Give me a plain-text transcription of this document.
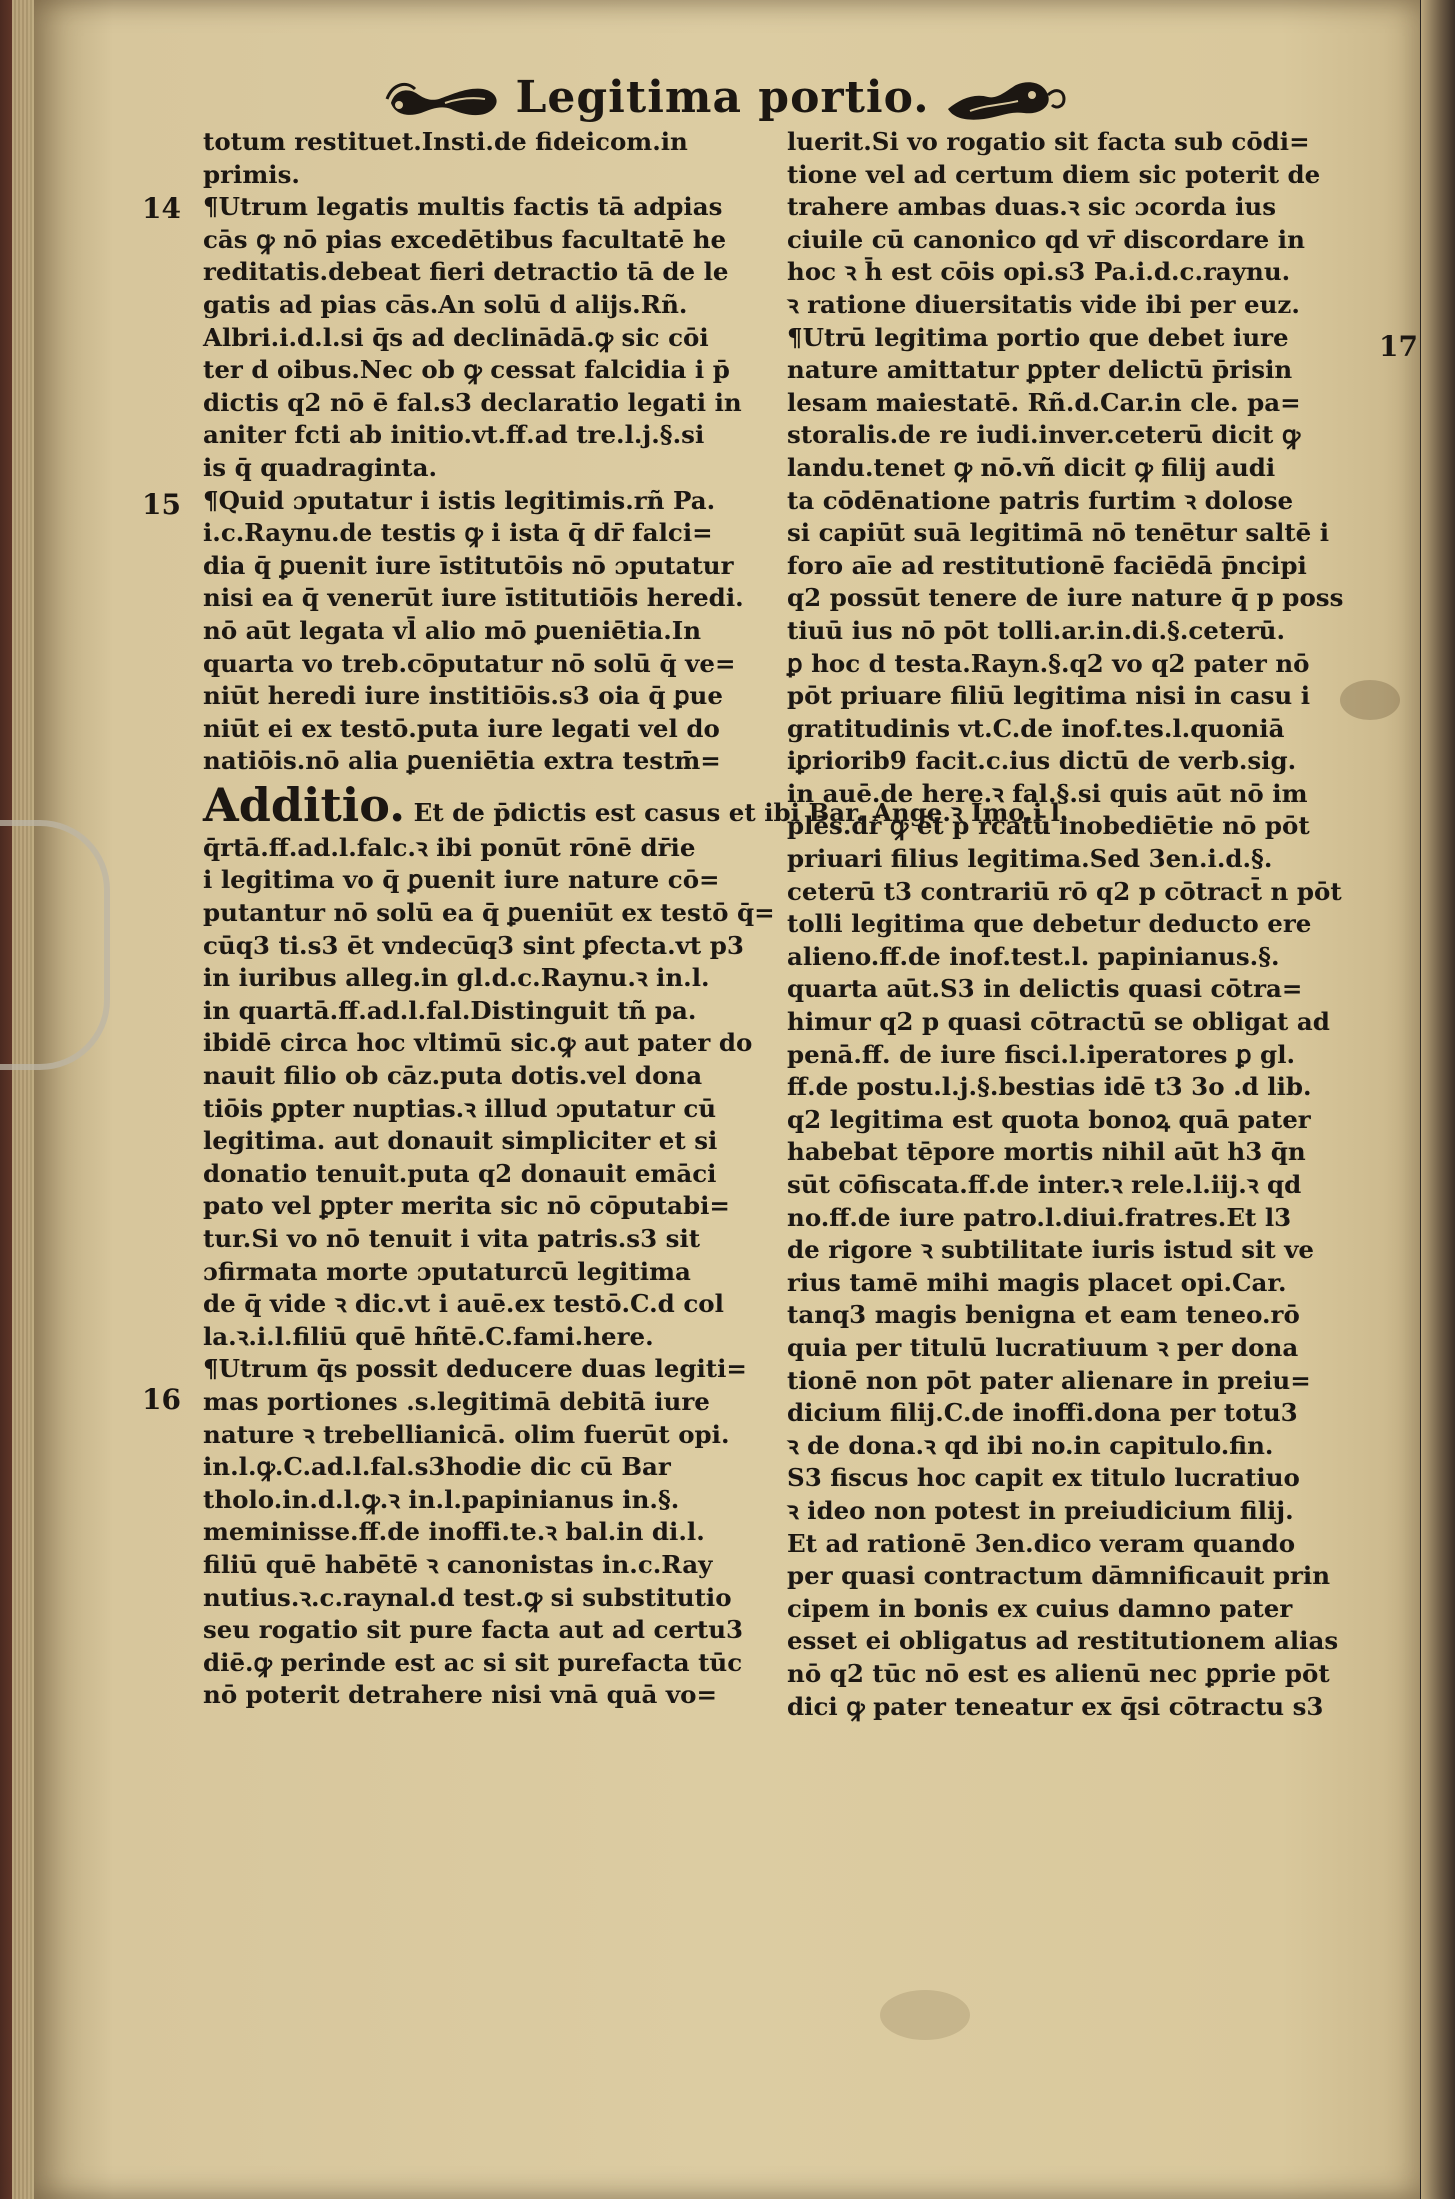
Legitima portio.
14
15
16
17
totum restituet.Insti.de fideicom.in
primis.
¶Utrum legatis multis factis tā adpias
cās ꝙ nō pias excedētibus facultatē he
reditatis.debeat fieri detractio tā de le
gatis ad pias cās.An solū d alijs.Rñ.
Albri.i.d.l.si q̄s ad declinādā.ꝙ sic cōi
ter d oibus.Nec ob ꝙ cessat falcidia i p̄
dictis q2 nō ē fal.s3 declaratio legati in
aniter fcti ab initio.vt.ff.ad tre.l.j.§.si
is q̄ quadraginta.
¶Quid ɔputatur i istis legitimis.rñ Pa.
i.c.Raynu.de testis ꝙ i ista q̄ dr̄ falci=
dia q̄ ꝑuenit iure īstitutōis nō ɔputatur
nisi ea q̄ venerūt iure īstitutiōis heredi.
nō aūt legata vl̄ alio mō ꝑueniētia.In
quarta vo treb.cōputatur nō solū q̄ ve=
niūt heredi iure institiōis.s3 oia q̄ ꝑue
niūt ei ex testō.puta iure legati vel do
natiōis.nō alia ꝑueniētia extra testm̄=
Additio. Et de p̄dictis est casus et ibi Bar. Ange.ꝛ Imo.i l.
q̄rtā.ff.ad.l.falc.ꝛ ibi ponūt rōnē dr̄ie
i legitima vo q̄ ꝑuenit iure nature cō=
putantur nō solū ea q̄ ꝑueniūt ex testō q̄=
cūq3 ti.s3 ēt vndecūq3 sint ꝑfecta.vt p3
in iuribus alleg.in gl.d.c.Raynu.ꝛ in.l.
in quartā.ff.ad.l.fal.Distinguit tñ pa.
ibidē circa hoc vltimū sic.ꝙ aut pater do
nauit filio ob cāz.puta dotis.vel dona
tiōis ꝑpter nuptias.ꝛ illud ɔputatur cū
legitima. aut donauit simpliciter et si
donatio tenuit.puta q2 donauit emāci
pato vel ꝑpter merita sic nō cōputabi=
tur.Si vo nō tenuit i vita patris.s3 sit
ɔfirmata morte ɔputaturcū legitima
de q̄ vide ꝛ dic.vt i auē.ex testō.C.d col
la.ꝛ.i.l.filiū quē hñtē.C.fami.here.
¶Utrum q̄s possit deducere duas legiti=
mas portiones .s.legitimā debitā iure
nature ꝛ trebellianicā. olim fuerūt opi.
in.l.ꝙ.C.ad.l.fal.s3hodie dic cū Bar
tholo.in.d.l.ꝙ.ꝛ in.l.papinianus in.§.
meminisse.ff.de inoffi.te.ꝛ bal.in di.l.
filiū quē habētē ꝛ canonistas in.c.Ray
nutius.ꝛ.c.raynal.d test.ꝙ si substitutio
seu rogatio sit pure facta aut ad certu3
diē.ꝙ perinde est ac si sit purefacta tūc
nō poterit detrahere nisi vnā quā vo=
luerit.Si vo rogatio sit facta sub cōdi=
tione vel ad certum diem sic poterit de
trahere ambas duas.ꝛ sic ɔcorda ius
ciuile cū canonico qd vr̄ discordare in
hoc ꝛ h̄ est cōis opi.s3 Pa.i.d.c.raynu.
ꝛ ratione diuersitatis vide ibi per euz.
¶Utrū legitima portio que debet iure
nature amittatur ꝑpter delictū p̄risin
lesam maiestatē. Rñ.d.Car.in cle. pa=
storalis.de re iudi.inver.ceterū dicit ꝙ
landu.tenet ꝙ nō.vñ dicit ꝙ filij audi
ta cōdēnatione patris furtim ꝛ dolose
si capiūt suā legitimā nō tenētur saltē i
foro aīe ad restitutionē faciēdā p̄ncipi
q2 possūt tenere de iure nature q̄ p poss
tiuū ius nō pōt tolli.ar.in.di.§.ceterū.
ꝑ hoc d testa.Rayn.§.q2 vo q2 pater nō
pōt priuare filiū legitima nisi in casu i
gratitudinis vt.C.de inof.tes.l.quoniā
iꝑriorib9 facit.c.ius dictū de verb.sig.
in auē.de here.ꝛ fal.§.si quis aūt nō im
plēs.dr̄ ꝙ ēt p rcatū inobediētie nō pōt
priuari filius legitima.Sed 3en.i.d.§.
ceterū t3 contrariū rō q2 p cōtract̄ n pōt
tolli legitima que debetur deducto ere
alieno.ff.de inof.test.l. papinianus.§.
quarta aūt.S3 in delictis quasi cōtra=
himur q2 p quasi cōtractū se obligat ad
penā.ff. de iure fisci.l.iperatores ꝑ gl.
ff.de postu.l.j.§.bestias idē t3 3o .d lib.
q2 legitima est quota bonoꝝ quā pater
habebat tēpore mortis nihil aūt h3 q̄n
sūt cōfiscata.ff.de inter.ꝛ rele.l.iij.ꝛ qd
no.ff.de iure patro.l.diui.fratres.Et l3
de rigore ꝛ subtilitate iuris istud sit ve
rius tamē mihi magis placet opi.Car.
tanq3 magis benigna et eam teneo.rō
quia per titulū lucratiuum ꝛ per dona
tionē non pōt pater alienare in preiu=
dicium filij.C.de inoffi.dona per totu3
ꝛ de dona.ꝛ qd ibi no.in capitulo.fin.
S3 fiscus hoc capit ex titulo lucratiuo
ꝛ ideo non potest in preiudicium filij.
Et ad rationē 3en.dico veram quando
per quasi contractum dāmnificauit prin
cipem in bonis ex cuius damno pater
esset ei obligatus ad restitutionem alias
nō q2 tūc nō est es alienū nec ꝑprie pōt
dici ꝙ pater teneatur ex q̄si cōtractu s3
